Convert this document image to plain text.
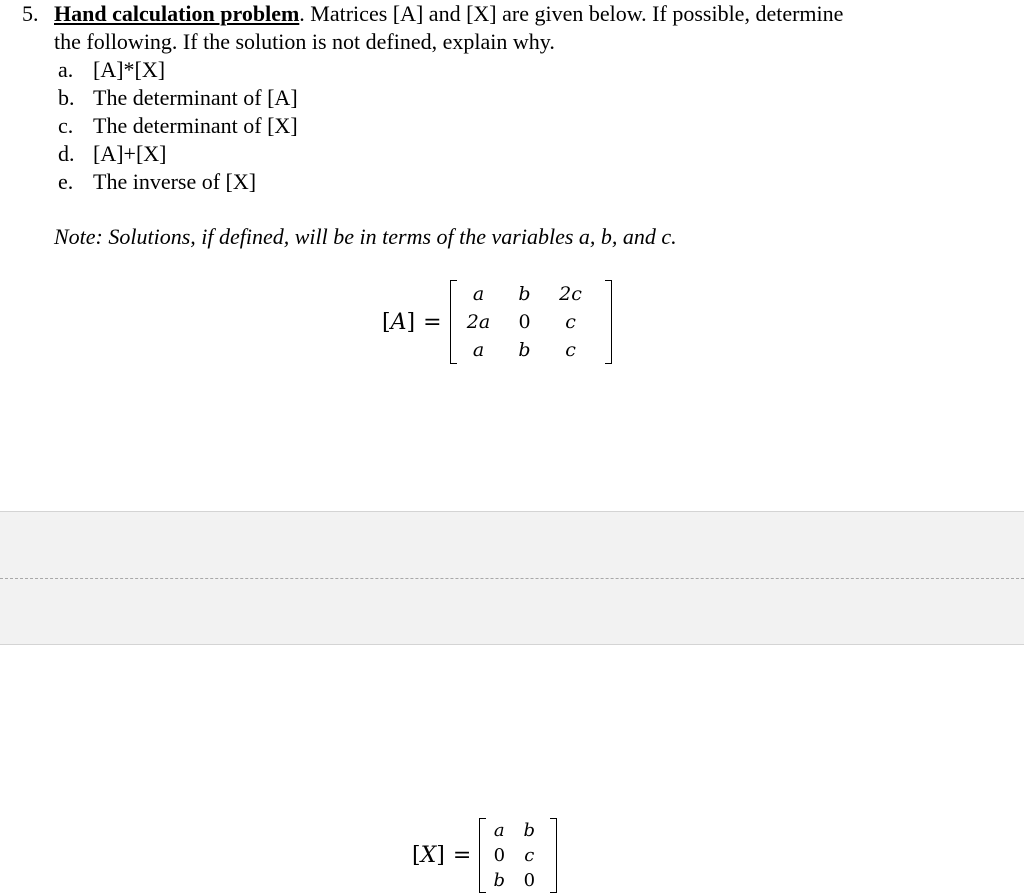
5. Hand calculation problem. Matrices [A] and [X] are given below. If possible, determine
the following. If the solution is not defined, explain why.
a. [A]*[X]
b. The determinant of [A]
c. The determinant of [X]
d. [A]+[X]
e. The inverse of [X]
Note: Solutions, if defined, will be in terms of the variables a, b, and c.
[A] =
a	b	2c
2a	0	c
a	b	c
[X] =
a	b
0	c
b	0
